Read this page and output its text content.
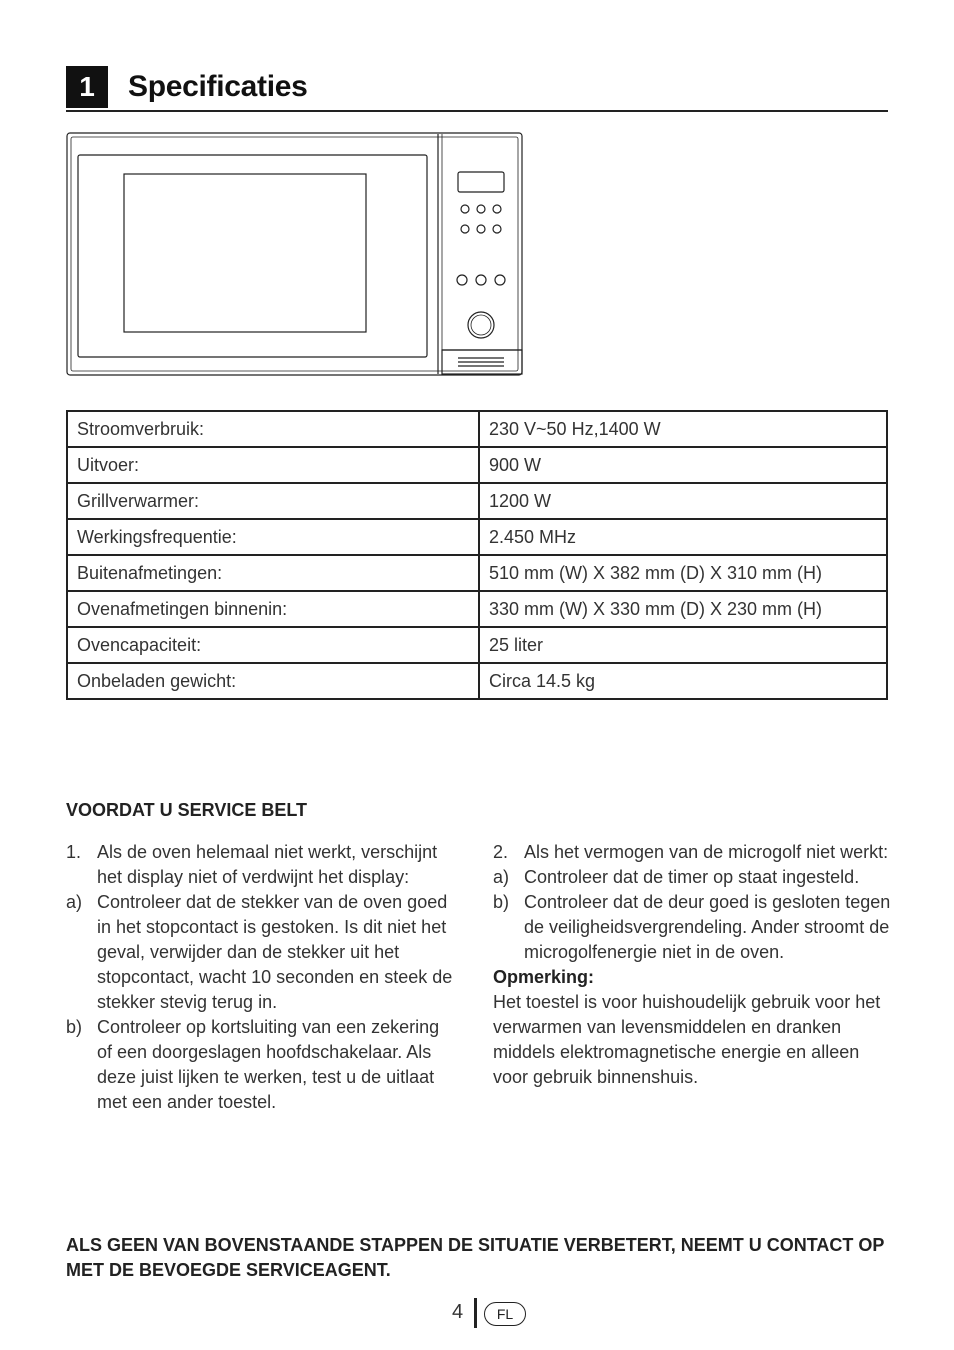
1	Specificaties
Stroomverbruik:	230 V~50 Hz,1400 W
Uitvoer:	900 W
Grillverwarmer:	1200 W
Werkingsfrequentie:	2.450 MHz
Buitenafmetingen:	510 mm (W) X 382 mm (D) X 310 mm (H)
Ovenafmetingen binnenin:	330 mm (W) X 330 mm (D) X 230 mm (H)
Ovencapaciteit:	25 liter
Onbeladen gewicht:	Circa 14.5 kg
VOORDAT U SERVICE BELT
1. Als de oven helemaal niet werkt, verschijnt het display niet of verdwijnt het display:
a) Controleer dat de stekker van de oven goed in het stopcontact is gestoken. Is dit niet het geval, verwijder dan de stekker uit het stopcontact, wacht 10 seconden en steek de stekker stevig terug in.
b) Controleer op kortsluiting van een zekering of een doorgeslagen hoofdschakelaar. Als deze juist lijken te werken, test u de uitlaat met een ander toestel.
2. Als het vermogen van de microgolf niet werkt:
a) Controleer dat de timer op staat ingesteld.
b) Controleer dat de deur goed is gesloten tegen de veiligheidsvergrendeling. Ander stroomt de microgolfenergie niet in de oven.
Opmerking:
Het toestel is voor huishoudelijk gebruik voor het verwarmen van levensmiddelen en dranken middels elektromagnetische energie en alleen voor gebruik binnenshuis.
ALS GEEN VAN BOVENSTAANDE STAPPEN DE SITUATIE VERBETERT, NEEMT U CONTACT OP MET DE BEVOEGDE SERVICEAGENT.
4	FL
